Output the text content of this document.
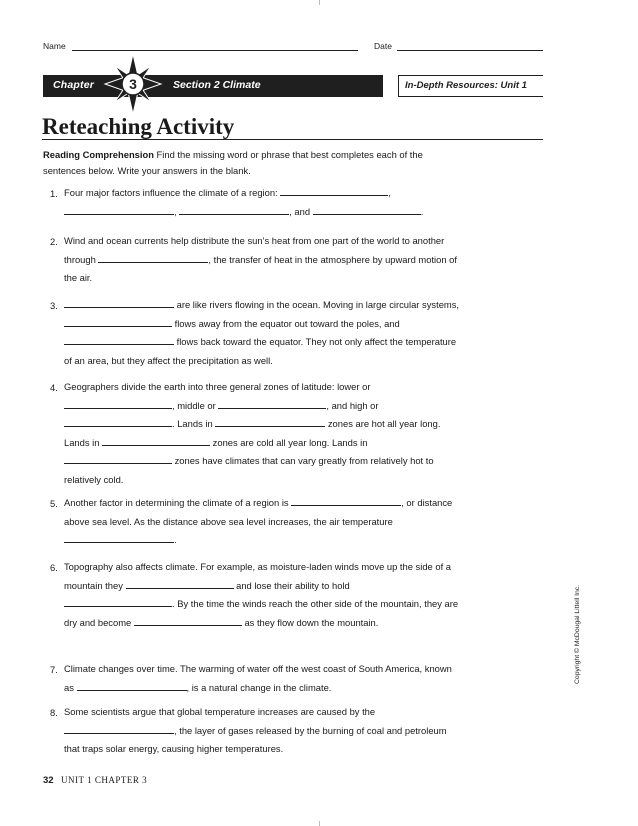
Name	Date
Chapter	Section 2 Climate
3	In-Depth Resources: Unit 1
Reteaching Activity
Reading Comprehension Find the missing word or phrase that best completes each of the sentences below. Write your answers in the blank.
1. Four major factors influence the climate of a region:	,
,	, and	.
2. Wind and ocean currents help distribute the sun’s heat from one part of the world to another through	, the transfer of heat in the atmosphere by upward motion of the air.
3.	are like rivers flowing in the ocean. Moving in large circular systems,  flows away from the equator out toward the poles, and  flows back toward the equator. They not only affect the temperature of an area, but they affect the precipitation as well.
4. Geographers divide the earth into three general zones of latitude: lower or
, middle or	, and high or
. Lands in	zones are hot all year long. Lands in	zones are cold all year long. Lands in
zones have climates that can vary greatly from relatively hot to relatively cold.
5. Another factor in determining the climate of a region is	, or distance above sea level. As the distance above sea level increases, the air temperature .
6. Topography also affects climate. For example, as moisture-laden winds move up the side of a mountain they	and lose their ability to hold
. By the time the winds reach the other side of the mountain, they are dry and become	as they flow down the mountain.
7. Climate changes over time. The warming of water off the west coast of South America, known as	, is a natural change in the climate.
8. Some scientists argue that global temperature increases are caused by the
, the layer of gases released by the burning of coal and petroleum that traps solar energy, causing higher temperatures.
Copyright © McDougal Littell Inc.
32 UNIT 1 CHAPTER 3
